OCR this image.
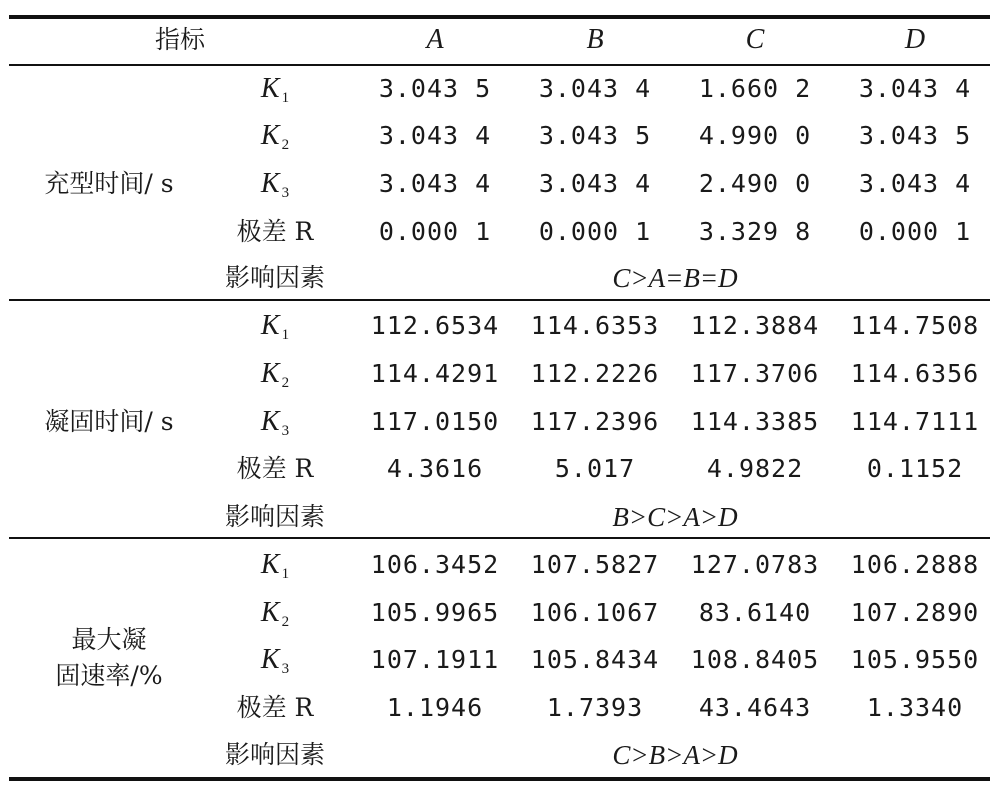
指标	A	B	C	D
充型时间/ s
K $_1$	3.043 5	3.043 4	1.660 2	3.043 4
K $_2$	3.043 4	3.043 5	4.990 0	3.043 5
K $_3$	3.043 4	3.043 4	2.490 0	3.043 4
极差 R	0.000 1	0.000 1	3.329 8	0.000 1
影响因素	C>A=B=D
凝固时间/ s
K $_1$	112.6534	114.6353	112.3884	114.7508
K $_2$	114.4291	112.2226	117.3706	114.6356
K $_3$	117.0150	117.2396	114.3385	114.7111
极差 R	4.3616	5.017	4.9822	0.1152
影响因素	B>C>A>D
最大凝
固速率/%
K $_1$	106.3452	107.5827	127.0783	106.2888
K $_2$	105.9965	106.1067	83.6140	107.2890
K $_3$	107.1911	105.8434	108.8405	105.9550
极差 R	1.1946	1.7393	43.4643	1.3340
影响因素	C>B>A>D
